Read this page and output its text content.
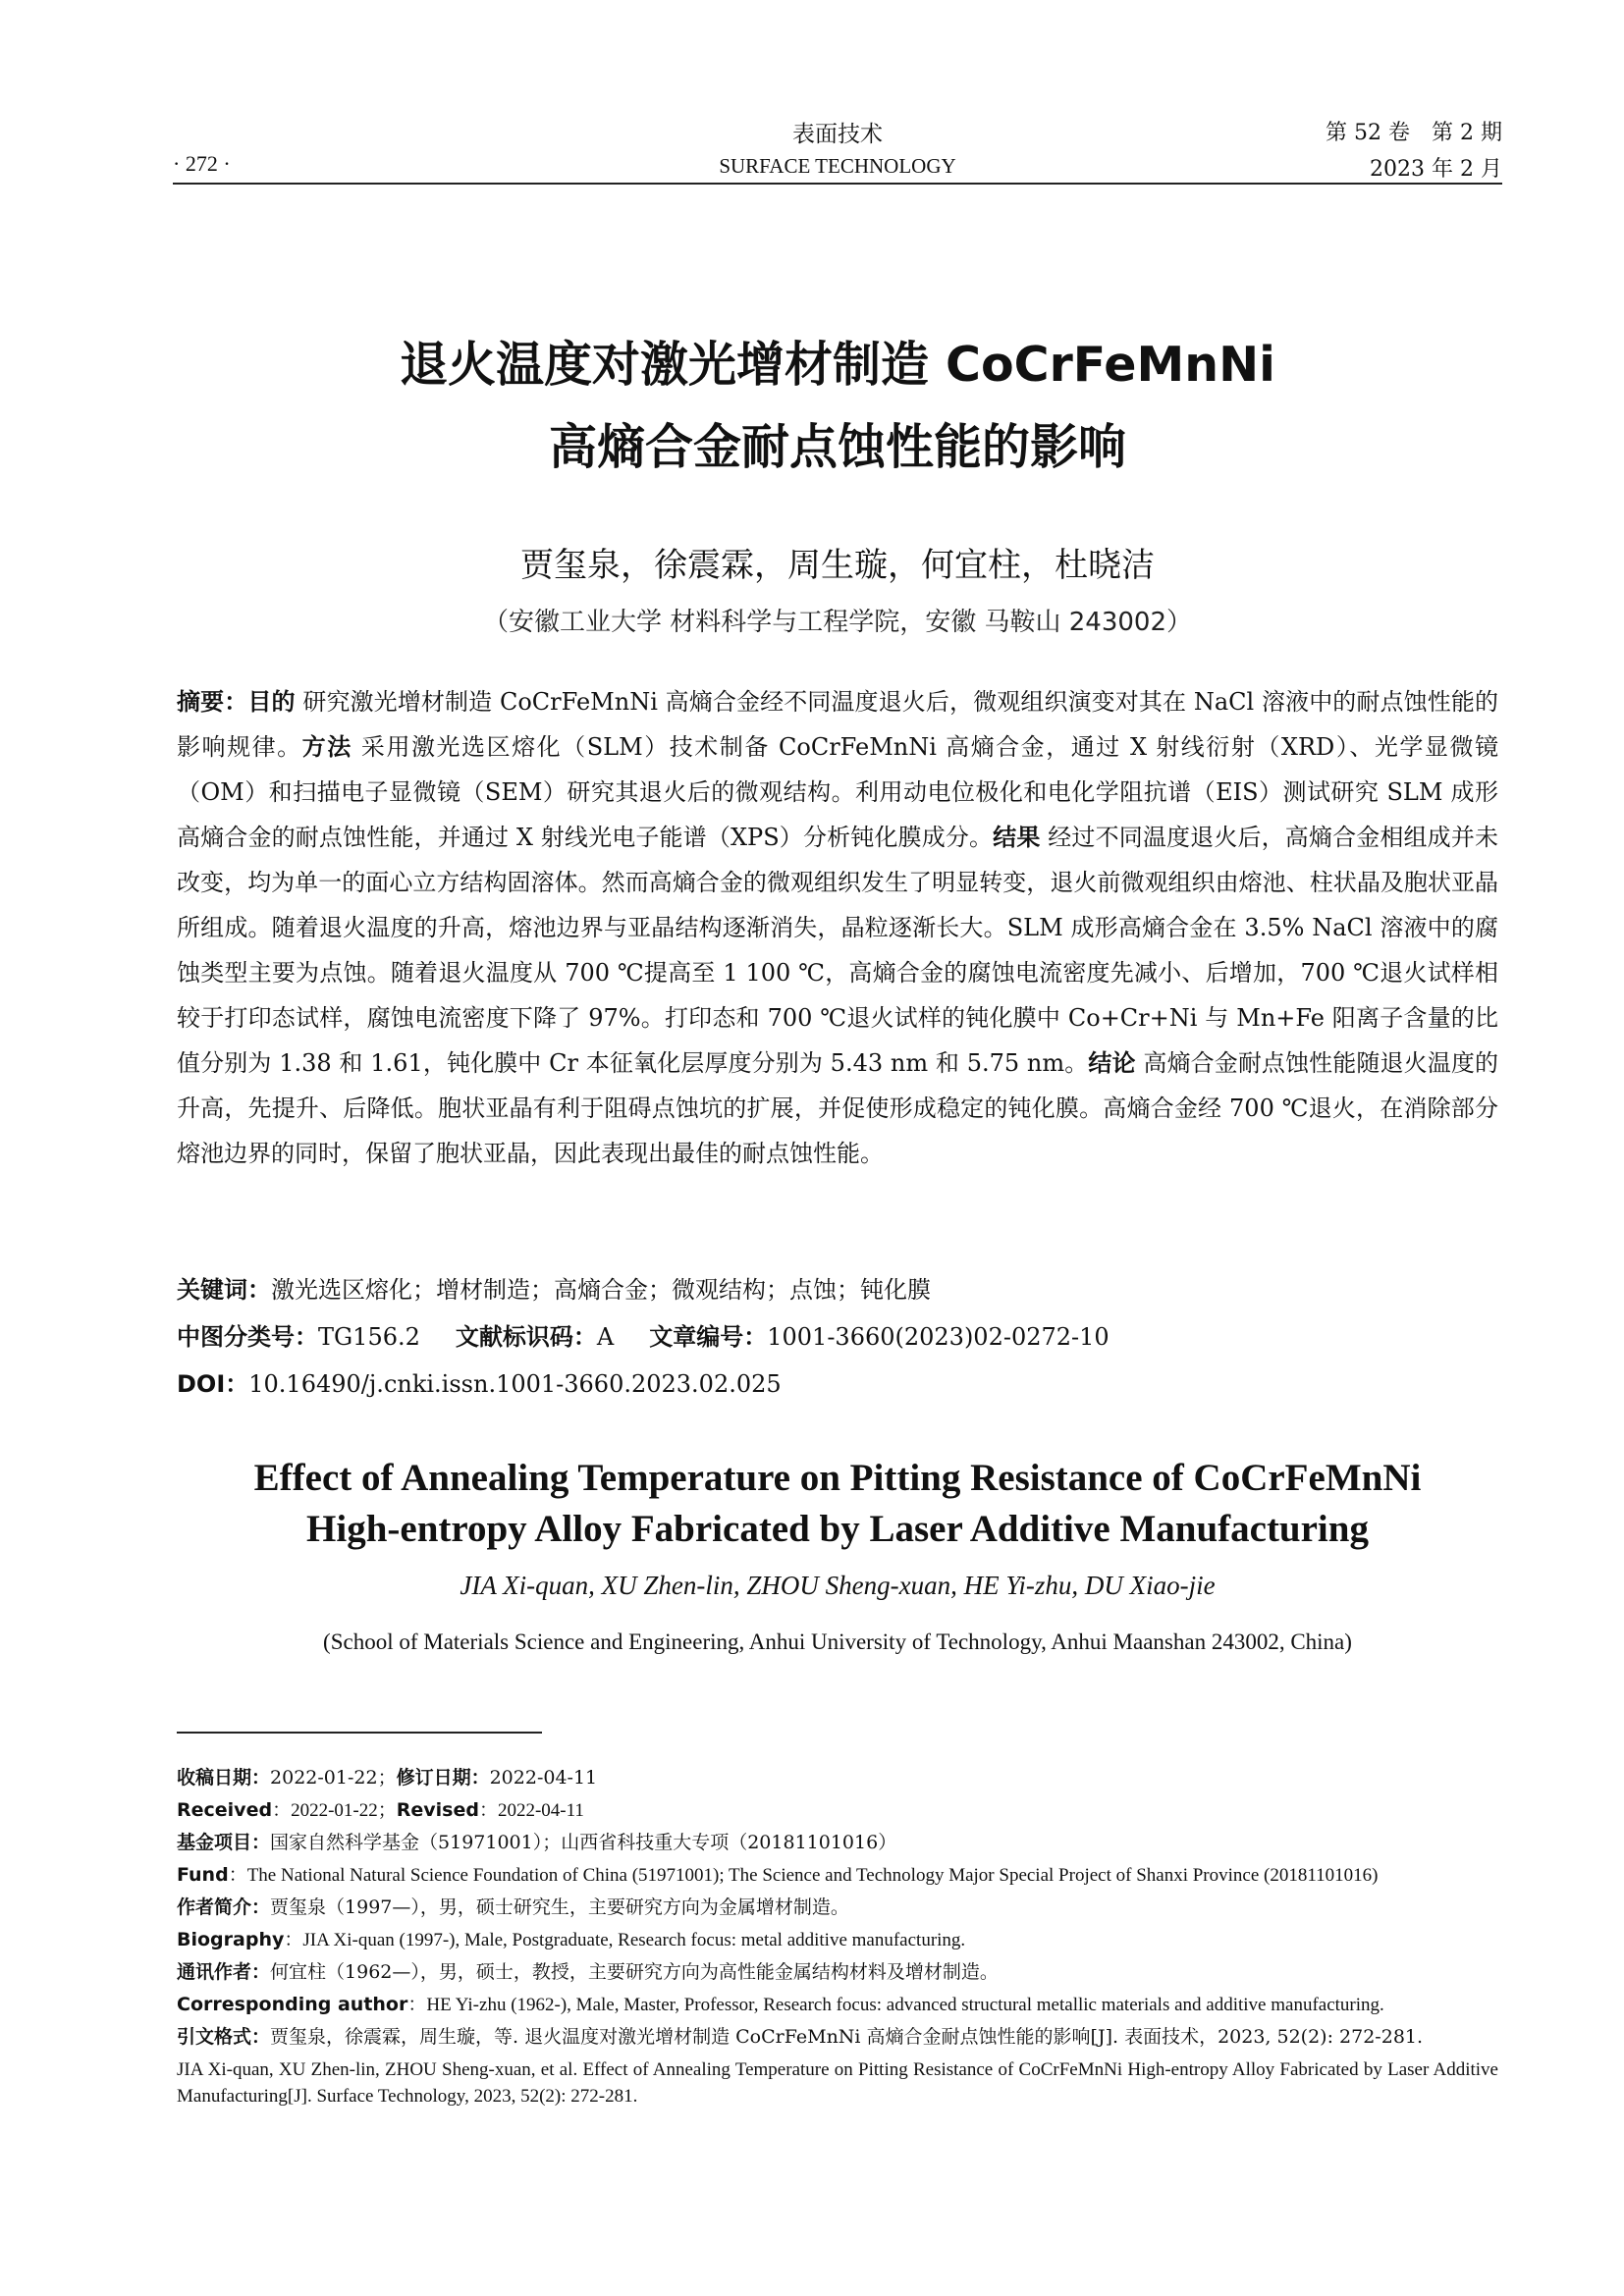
· 272 ·
表面技术
SURFACE TECHNOLOGY
第 52 卷　第 2 期
2023 年 2 月
退火温度对激光增材制造 CoCrFeMnNi
高熵合金耐点蚀性能的影响
贾玺泉，徐震霖，周生璇，何宜柱，杜晓洁
（安徽工业大学 材料科学与工程学院，安徽 马鞍山 243002）
摘要：目的 研究激光增材制造 CoCrFeMnNi 高熵合金经不同温度退火后，微观组织演变对其在 NaCl 溶液中的耐点蚀性能的影响规律。方法 采用激光选区熔化（SLM）技术制备 CoCrFeMnNi 高熵合金，通过 X 射线衍射（XRD）、光学显微镜（OM）和扫描电子显微镜（SEM）研究其退火后的微观结构。利用动电位极化和电化学阻抗谱（EIS）测试研究 SLM 成形高熵合金的耐点蚀性能，并通过 X 射线光电子能谱（XPS）分析钝化膜成分。结果 经过不同温度退火后，高熵合金相组成并未改变，均为单一的面心立方结构固溶体。然而高熵合金的微观组织发生了明显转变，退火前微观组织由熔池、柱状晶及胞状亚晶所组成。随着退火温度的升高，熔池边界与亚晶结构逐渐消失，晶粒逐渐长大。SLM 成形高熵合金在 3.5% NaCl 溶液中的腐蚀类型主要为点蚀。随着退火温度从 700 ℃提高至 1 100 ℃，高熵合金的腐蚀电流密度先减小、后增加，700 ℃退火试样相较于打印态试样，腐蚀电流密度下降了 97%。打印态和 700 ℃退火试样的钝化膜中 Co+Cr+Ni 与 Mn+Fe 阳离子含量的比值分别为 1.38 和 1.61，钝化膜中 Cr 本征氧化层厚度分别为 5.43 nm 和 5.75 nm。结论 高熵合金耐点蚀性能随退火温度的升高，先提升、后降低。胞状亚晶有利于阻碍点蚀坑的扩展，并促使形成稳定的钝化膜。高熵合金经 700 ℃退火，在消除部分熔池边界的同时，保留了胞状亚晶，因此表现出最佳的耐点蚀性能。
关键词：激光选区熔化；增材制造；高熵合金；微观结构；点蚀；钝化膜
中图分类号：TG156.2 文献标识码：A 文章编号：1001-3660(2023)02-0272-10
DOI：10.16490/j.cnki.issn.1001-3660.2023.02.025
Effect of Annealing Temperature on Pitting Resistance of CoCrFeMnNi
High-entropy Alloy Fabricated by Laser Additive Manufacturing
JIA Xi-quan, XU Zhen-lin, ZHOU Sheng-xuan, HE Yi-zhu, DU Xiao-jie
(School of Materials Science and Engineering, Anhui University of Technology, Anhui Maanshan 243002, China)
收稿日期：2022-01-22；修订日期：2022-04-11
Received：2022-01-22；Revised：2022-04-11
基金项目：国家自然科学基金（51971001）；山西省科技重大专项（20181101016）
Fund：The National Natural Science Foundation of China (51971001); The Science and Technology Major Special Project of Shanxi Province (20181101016)
作者简介：贾玺泉（1997—），男，硕士研究生，主要研究方向为金属增材制造。
Biography：JIA Xi-quan (1997-), Male, Postgraduate, Research focus: metal additive manufacturing.
通讯作者：何宜柱（1962—），男，硕士，教授，主要研究方向为高性能金属结构材料及增材制造。
Corresponding author：HE Yi-zhu (1962-), Male, Master, Professor, Research focus: advanced structural metallic materials and additive manufacturing.
引文格式：贾玺泉，徐震霖，周生璇，等. 退火温度对激光增材制造 CoCrFeMnNi 高熵合金耐点蚀性能的影响[J]. 表面技术，2023, 52(2): 272-281.
JIA Xi-quan, XU Zhen-lin, ZHOU Sheng-xuan, et al. Effect of Annealing Temperature on Pitting Resistance of CoCrFeMnNi High-entropy Alloy Fabricated by Laser Additive Manufacturing[J]. Surface Technology, 2023, 52(2): 272-281.
